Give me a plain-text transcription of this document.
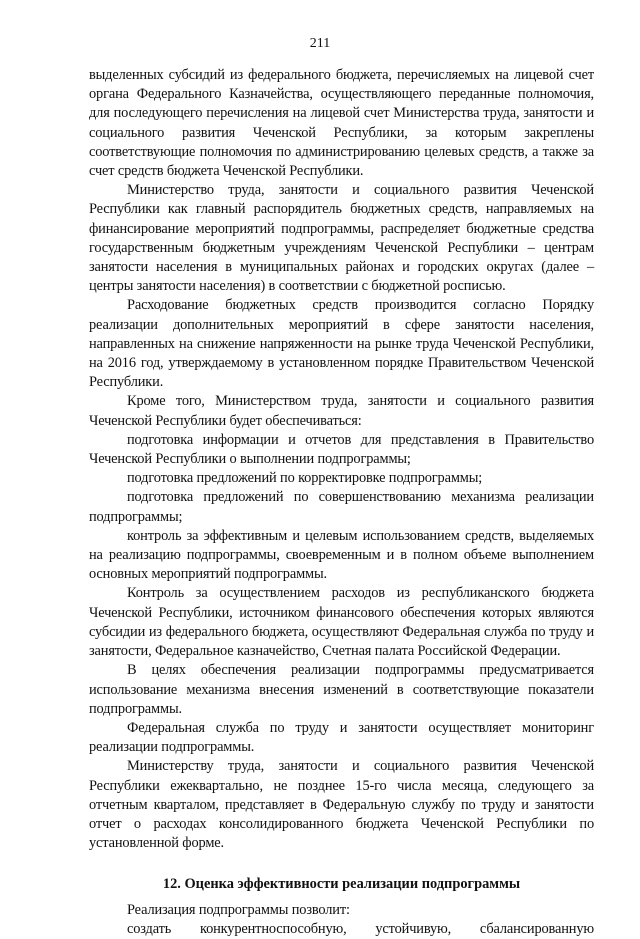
211

выделенных субсидий из федерального бюджета, перечисляемых на лицевой счет органа Федерального Казначейства, осуществляющего переданные полномочия, для последующего перечисления на лицевой счет Министерства труда, занятости и социального развития Чеченской Республики, за которым закреплены соответствующие полномочия по администрированию целевых средств, а также за счет средств бюджета Чеченской Республики.

Министерство труда, занятости и социального развития Чеченской Республики как главный распорядитель бюджетных средств, направляемых на финансирование мероприятий подпрограммы, распределяет бюджетные средства государственным бюджетным учреждениям Чеченской Республики – центрам занятости населения в муниципальных районах и городских округах (далее – центры занятости населения) в соответствии с бюджетной росписью.

Расходование бюджетных средств производится согласно Порядку реализации дополнительных мероприятий в сфере занятости населения, направленных на снижение напряженности на рынке труда Чеченской Республики, на 2016 год, утверждаемому в установленном порядке Правительством Чеченской Республики.

Кроме того, Министерством труда, занятости и социального развития Чеченской Республики будет обеспечиваться:

подготовка информации и отчетов для представления в Правительство Чеченской Республики о выполнении подпрограммы;

подготовка предложений по корректировке подпрограммы;

подготовка предложений по совершенствованию механизма реализации подпрограммы;

контроль за эффективным и целевым использованием средств, выделяемых на реализацию подпрограммы, своевременным и в полном объеме выполнением основных мероприятий подпрограммы.

Контроль за осуществлением расходов из республиканского бюджета Чеченской Республики, источником финансового обеспечения которых являются субсидии из федерального бюджета, осуществляют Федеральная служба по труду и занятости, Федеральное казначейство, Счетная палата Российской Федерации.

В целях обеспечения реализации подпрограммы предусматривается использование механизма внесения изменений в соответствующие показатели подпрограммы.

Федеральная служба по труду и занятости осуществляет мониторинг реализации подпрограммы.

Министерству труда, занятости и социального развития Чеченской Республики ежеквартально, не позднее 15-го числа месяца, следующего за отчетным кварталом, представляет в Федеральную службу по труду и занятости отчет о расходах консолидированного бюджета Чеченской Республики по установленной форме.

12. Оценка эффективности реализации подпрограммы

Реализация подпрограммы позволит:

создать конкурентноспособную, устойчивую, сбалансированную
